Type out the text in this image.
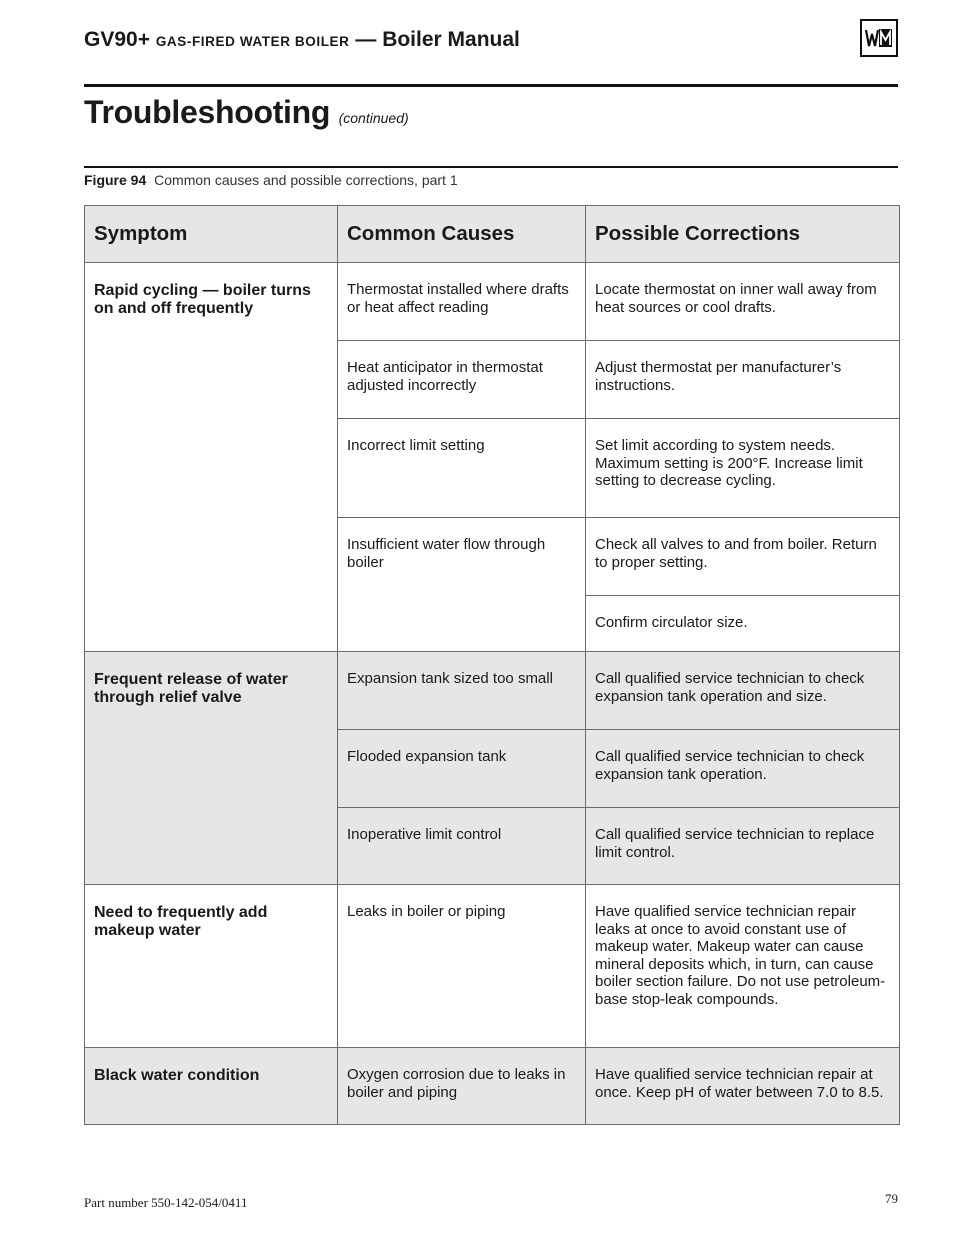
GV90+ GAS-FIRED WATER BOILER — Boiler Manual
Troubleshooting (continued)
Figure 94 Common causes and possible corrections, part 1
Symptom	Common Causes	Possible Corrections
Rapid cycling — boiler turns on and off frequently	Thermostat installed where drafts or heat affect reading	Locate thermostat on inner wall away from heat sources or cool drafts.
	Heat anticipator in thermostat adjusted incorrectly	Adjust thermostat per manufacturer’s instructions.
	Incorrect limit setting	Set limit according to system needs. Maximum setting is 200°F. Increase limit setting to decrease cycling.
	Insufficient water flow through boiler	Check all valves to and from boiler. Return to proper setting.
		Confirm circulator size.
Frequent release of water through relief valve	Expansion tank sized too small	Call qualified service technician to check expansion tank operation and size.
	Flooded expansion tank	Call qualified service technician to check expansion tank operation.
	Inoperative limit control	Call qualified service technician to replace limit control.
Need to frequently add makeup water	Leaks in boiler or piping	Have qualified service technician repair leaks at once to avoid constant use of makeup water. Makeup water can cause mineral deposits which, in turn, can cause boiler section failure. Do not use petroleum-base stop-leak compounds.
Black water condition	Oxygen corrosion due to leaks in boiler and piping	Have qualified service technician repair at once. Keep pH of water between 7.0 to 8.5.
Part number 550-142-054/0411	79
